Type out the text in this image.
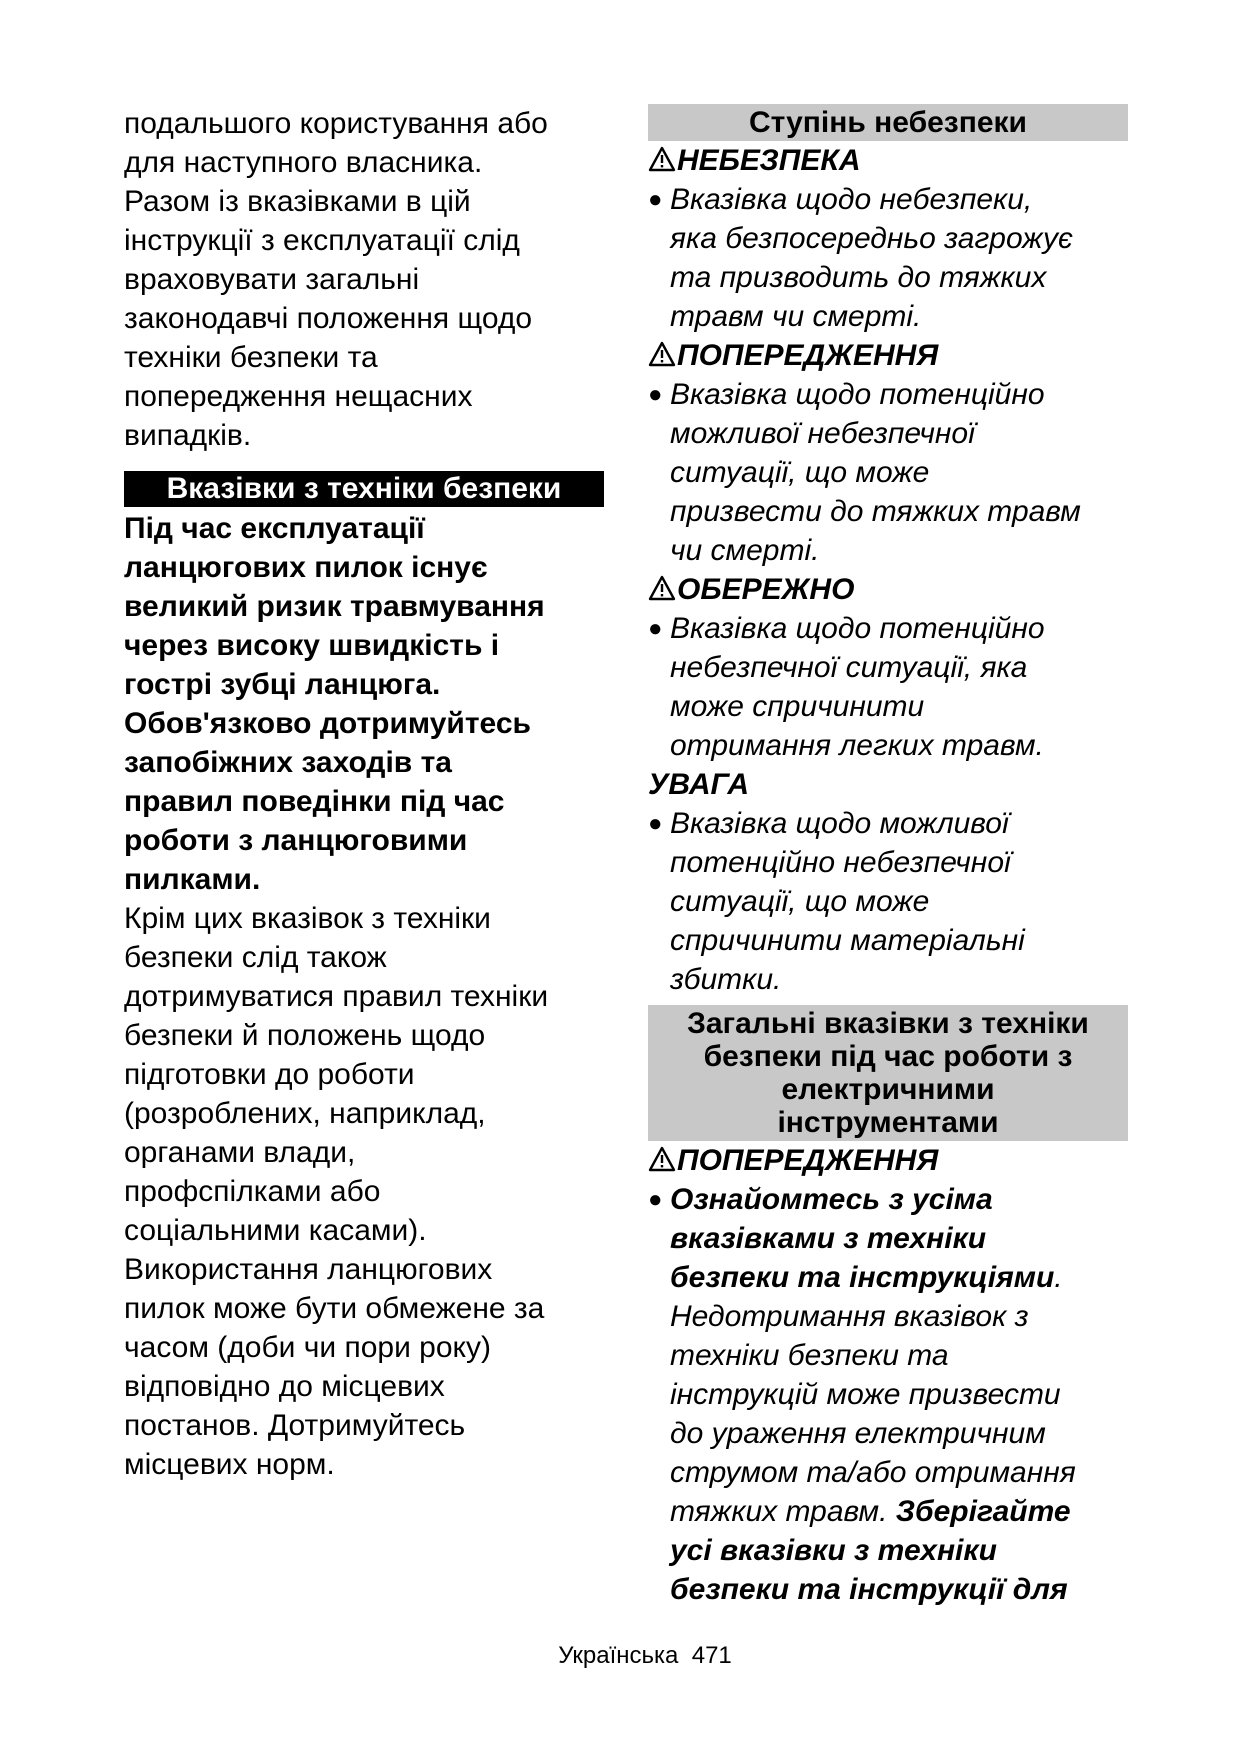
подальшого користування або

для наступного власника.

Разом із вказівками в цій

інструкції з експлуатації слід

враховувати загальні

законодавчі положення щодо

техніки безпеки та

попередження нещасних

випадків.

Вказівки з техніки безпеки

Під час експлуатації

ланцюгових пилок існує

великий ризик травмування

через високу швидкість і

гострі зубці ланцюга.

Обов'язково дотримуйтесь

запобіжних заходів та

правил поведінки під час

роботи з ланцюговими

пилками.

Крім цих вказівок з техніки

безпеки слід також

дотримуватися правил техніки

безпеки й положень щодо

підготовки до роботи

(розроблених, наприклад,

органами влади,

профспілками або

соціальними касами).

Використання ланцюгових

пилок може бути обмежене за

часом (доби чи пори року)

відповідно до місцевих

постанов. Дотримуйтесь

місцевих норм.

Ступінь небезпеки

НЕБЕЗПЕКА

● Вказівка щодо небезпеки,
яка безпосередньо загрожує
та призводить до тяжких
травм чи смерті.

ПОПЕРЕДЖЕННЯ

● Вказівка щодо потенційно
можливої небезпечної
ситуації, що може
призвести до тяжких травм
чи смерті.

ОБЕРЕЖНО

● Вказівка щодо потенційно
небезпечної ситуації, яка
може спричинити
отримання легких травм.

УВАГА

● Вказівка щодо можливої
потенційно небезпечної
ситуації, що може
спричинити матеріальні
збитки.
Загальні вказівки з техніки
безпеки під час роботи з
електричними
інструментами

ПОПЕРЕДЖЕННЯ

● Ознайомтесь з усіма
вказівками з техніки
безпеки та інструкціями.
Недотримання вказівок з
техніки безпеки та
інструкцій може призвести
до ураження електричним
струмом та/або отримання
тяжких травм. Зберігайте
усі вказівки з техніки
безпеки та інструкції для
Українська 471
